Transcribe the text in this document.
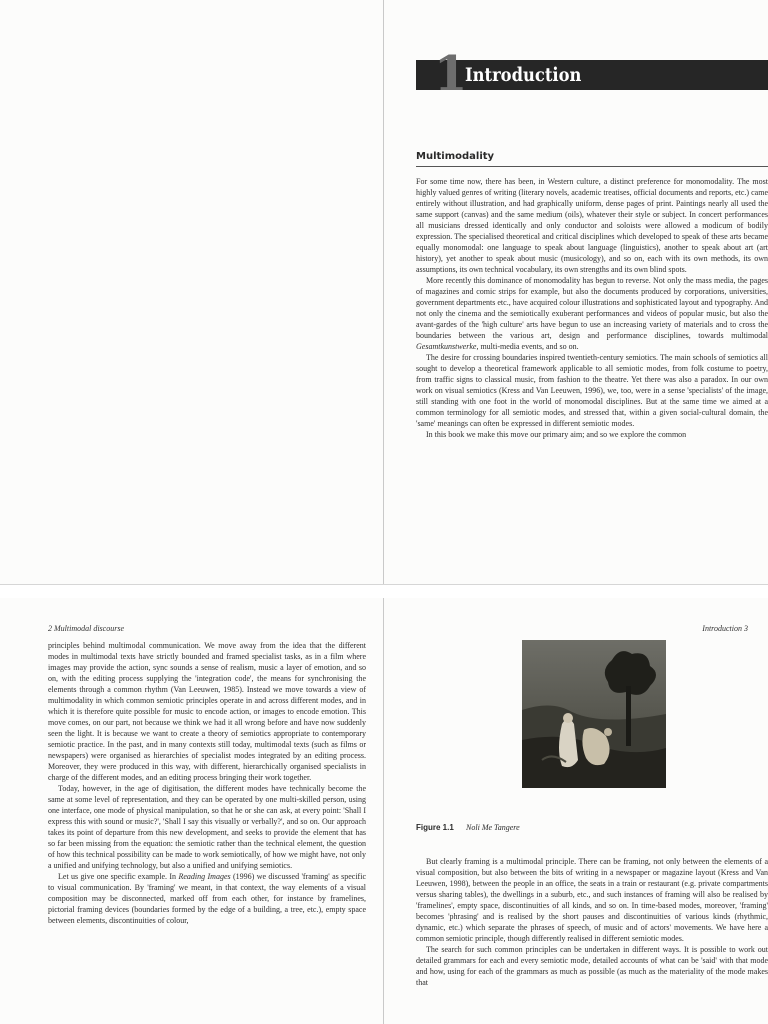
1
Introduction
Multimodality

For some time now, there has been, in Western culture, a distinct preference for monomodality. The most highly valued genres of writing (literary novels, academic treatises, official documents and reports, etc.) came entirely without illustration, and had graphically uniform, dense pages of print. Paintings nearly all used the same support (canvas) and the same medium (oils), whatever their style or subject. In concert performances all musicians dressed identically and only conductor and soloists were allowed a modicum of bodily expression. The specialised theoretical and critical disciplines which developed to speak of these arts became equally monomodal: one language to speak about language (linguistics), another to speak about art (art history), yet another to speak about music (musicology), and so on, each with its own methods, its own assumptions, its own technical vocabulary, its own strengths and its own blind spots.

More recently this dominance of monomodality has begun to reverse. Not only the mass media, the pages of magazines and comic strips for example, but also the documents produced by corporations, universities, government departments etc., have acquired colour illustrations and sophisticated layout and typography. And not only the cinema and the semiotically exuberant performances and videos of popular music, but also the avant-gardes of the 'high culture' arts have begun to use an increasing variety of materials and to cross the boundaries between the various art, design and performance disciplines, towards multimodal Gesamtkunstwerke, multi-media events, and so on.

The desire for crossing boundaries inspired twentieth-century semiotics. The main schools of semiotics all sought to develop a theoretical framework applicable to all semiotic modes, from folk costume to poetry, from traffic signs to classical music, from fashion to the theatre. Yet there was also a paradox. In our own work on visual semiotics (Kress and Van Leeuwen, 1996), we, too, were in a sense 'specialists' of the image, still standing with one foot in the world of monomodal disciplines. But at the same time we aimed at a common terminology for all semiotic modes, and stressed that, within a given social-cultural domain, the 'same' meanings can often be expressed in different semiotic modes.

In this book we make this move our primary aim; and so we explore the common

2 Multimodal discourse	Introduction 3

principles behind multimodal communication. We move away from the idea that the different modes in multimodal texts have strictly bounded and framed specialist tasks, as in a film where images may provide the action, sync sounds a sense of realism, music a layer of emotion, and so on, with the editing process supplying the 'integration code', the means for synchronising the elements through a common rhythm (Van Leeuwen, 1985). Instead we move towards a view of multimodality in which common semiotic principles operate in and across different modes, and in which it is therefore quite possible for music to encode action, or images to encode emotion. This move comes, on our part, not because we think we had it all wrong before and have now suddenly seen the light. It is because we want to create a theory of semiotics appropriate to contemporary semiotic practice. In the past, and in many contexts still today, multimodal texts (such as films or newspapers) were organised as hierarchies of specialist modes integrated by an editing process. Moreover, they were produced in this way, with different, hierarchically organised specialists in charge of the different modes, and an editing process bringing their work together.

Today, however, in the age of digitisation, the different modes have technically become the same at some level of representation, and they can be operated by one multi-skilled person, using one interface, one mode of physical manipulation, so that he or she can ask, at every point: 'Shall I express this with sound or music?', 'Shall I say this visually or verbally?', and so on. Our approach takes its point of departure from this new development, and seeks to provide the element that has so far been missing from the equation: the semiotic rather than the technical element, the question of how this technical possibility can be made to work semiotically, of how we might have, not only a unified and unifying technology, but also a unified and unifying semiotics.

Let us give one specific example. In Reading Images (1996) we discussed 'framing' as specific to visual communication. By 'framing' we meant, in that context, the way elements of a visual composition may be disconnected, marked off from each other, for instance by framelines, pictorial framing devices (boundaries formed by the edge of a building, a tree, etc.), empty space between elements, discontinuities of colour,

Figure 1.1 Noli Me Tangere

But clearly framing is a multimodal principle. There can be framing, not only between the elements of a visual composition, but also between the bits of writing in a newspaper or magazine layout (Kress and Van Leeuwen, 1998), between the people in an office, the seats in a train or restaurant (e.g. private compartments versus sharing tables), the dwellings in a suburb, etc., and such instances of framing will also be realised by 'framelines', empty space, discontinuities of all kinds, and so on. In time-based modes, moreover, 'framing' becomes 'phrasing' and is realised by the short pauses and discontinuities of various kinds (rhythmic, dynamic, etc.) which separate the phrases of speech, of music and of actors' movements. We have here a common semiotic principle, though differently realised in different semiotic modes.

The search for such common principles can be undertaken in different ways. It is possible to work out detailed grammars for each and every semiotic mode, detailed accounts of what can be 'said' with that mode and how, using for each of the grammars as much as possible (as much as the materiality of the mode makes that
